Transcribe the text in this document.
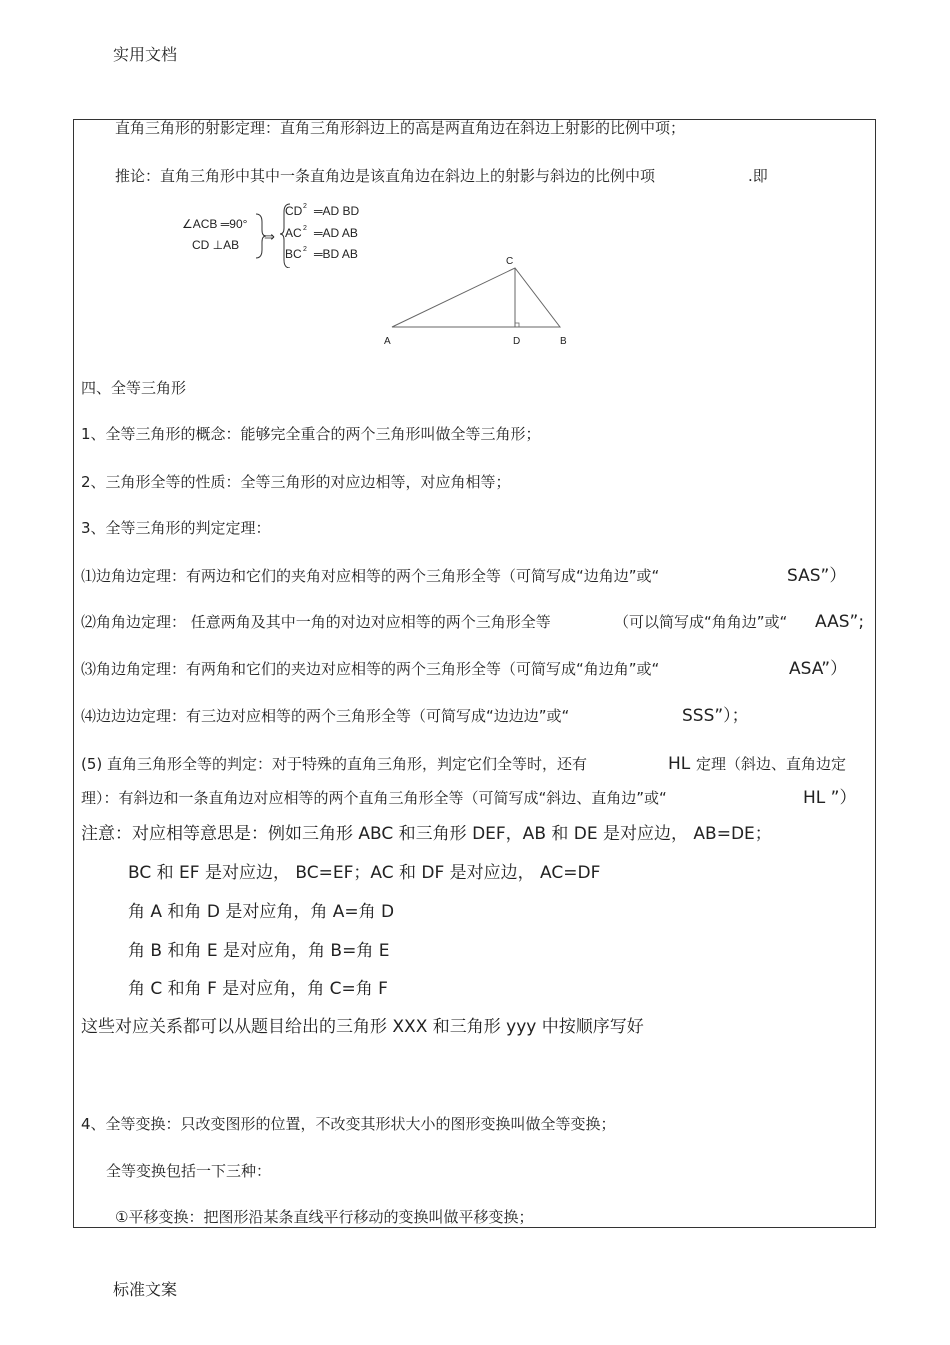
实用文档
直角三角形的射影定理：直角三角形斜边上的高是两直角边在斜边上射影的比例中项；
推论：直角三角形中其中一条直角边是该直角边在斜边上的射影与斜边的比例中项	.即
∠ACB ═90°
CD ⊥AB
⇒
CD 2 ═AD BD
AC 2 ═AD AB
BC 2 ═BD AB
A	B
C
D
四、全等三角形
1、全等三角形的概念：能够完全重合的两个三角形叫做全等三角形；
2、三角形全等的性质：全等三角形的对应边相等，对应角相等；
3、全等三角形的判定定理：
⑴边角边定理：有两边和它们的夹角对应相等的两个三角形全等（可简写成“边角边”或“	SAS”）
⑵角角边定理： 任意两角及其中一角的对边对应相等的两个三角形全等	（可以简写成“角角边”或“ AAS”;
⑶角边角定理：有两角和它们的夹边对应相等的两个三角形全等（可简写成“角边角”或“	ASA”）
⑷边边边定理：有三边对应相等的两个三角形全等（可简写成“边边边”或“	SSS”）；
(5) 直角三角形全等的判定：对于特殊的直角三角形，判定它们全等时，还有	HL 定理（斜边、直角边定
理）：有斜边和一条直角边对应相等的两个直角三角形全等（可简写成“斜边、直角边”或“	HL ”）
注意：对应相等意思是：例如三角形 ABC 和三角形 DEF，AB 和 DE 是对应边， AB=DE；
BC 和 EF 是对应边， BC=EF；AC 和 DF 是对应边， AC=DF
角 A 和角 D 是对应角，角 A=角 D
角 B 和角 E 是对应角，角 B=角 E
角 C 和角 F 是对应角，角 C=角 F
这些对应关系都可以从题目给出的三角形 XXX 和三角形 yyy 中按顺序写好
4、全等变换：只改变图形的位置，不改变其形状大小的图形变换叫做全等变换；
全等变换包括一下三种：
①平移变换：把图形沿某条直线平行移动的变换叫做平移变换；
标准文案
